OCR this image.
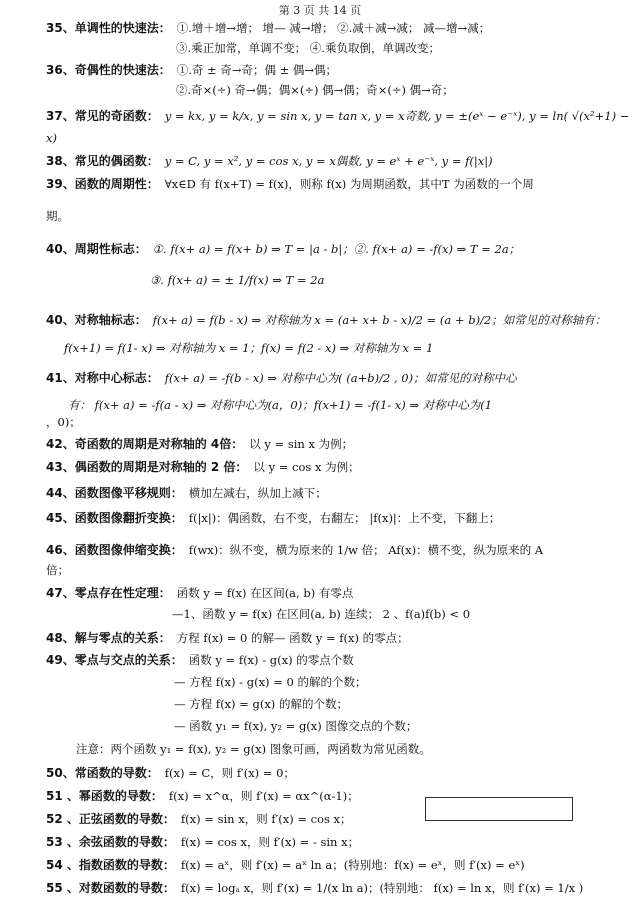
第 3 页 共 14 页
35、单调性的快速法： ①.增＋增→增； 增— 减→增； ②.减＋减→减； 减—增→减；
③.乘正加常，单调不变； ④.乘负取倒，单调改变；
36、奇偶性的快速法： ①.奇 ± 奇→奇；偶 ± 偶→偶；
②.奇×(÷) 奇→偶；偶×(÷) 偶→偶；奇×(÷) 偶→奇；
37、常见的奇函数： y = kx, y = k/x, y = sin x, y = tan x, y = x奇数, y = ±(eˣ − e⁻ˣ), y = ln( √(x²+1) −
x)
38、常见的偶函数： y = C, y = x², y = cos x, y = x偶数, y = eˣ + e⁻ˣ, y = f(|x|)
39、函数的周期性： ∀x∈D 有 f(x+T) = f(x)，则称 f(x) 为周期函数，其中T 为函数的一个周
期。
40、周期性标志： ①. f(x+ a) = f(x+ b) ⇒ T = |a - b|；②. f(x+ a) = -f(x) ⇒ T = 2a；
③. f(x+ a) = ± 1/f(x) ⇒ T = 2a
40、对称轴标志： f(x+ a) = f(b - x) ⇒ 对称轴为 x = (a+ x+ b - x)/2 = (a + b)/2；如常见的对称轴有：
f(x+1) = f(1- x) ⇒ 对称轴为 x = 1；f(x) = f(2 - x) ⇒ 对称轴为 x = 1
41、对称中心标志： f(x+ a) = -f(b - x) ⇒ 对称中心为( (a+b)/2 , 0)；如常见的对称中心
有： f(x+ a) = -f(a - x) ⇒ 对称中心为(a，0)；f(x+1) = -f(1- x) ⇒ 对称中心为(1
，0)；
42、奇函数的周期是对称轴的 4倍： 以 y = sin x 为例；
43、偶函数的周期是对称轴的 2 倍： 以 y = cos x 为例；
44、函数图像平移规则： 横加左减右，纵加上减下；
45、函数图像翻折变换： f(|x|)：偶函数，右不变，右翻左； |f(x)|：上不变，下翻上；
46、函数图像伸缩变换： f(wx)：纵不变，横为原来的 1/w 倍； Af(x)：横不变，纵为原来的 A
倍；
47、零点存在性定理： 函数 y = f(x) 在区间(a, b) 有零点
—1、函数 y = f(x) 在区间(a, b) 连续； 2 、f(a)f(b) < 0
48、解与零点的关系： 方程 f(x) = 0 的解— 函数 y = f(x) 的零点；
49、零点与交点的关系： 函数 y = f(x) - g(x) 的零点个数
— 方程 f(x) - g(x) = 0 的解的个数；
— 方程 f(x) = g(x) 的解的个数；
— 函数 y₁ = f(x), y₂ = g(x) 图像交点的个数；
注意：两个函数 y₁ = f(x), y₂ = g(x) 图象可画，两函数为常见函数。
50、常函数的导数： f(x) = C，则 f′(x) = 0；
51 、幂函数的导数： f(x) = x^α，则 f′(x) = αx^(α-1)；
52 、正弦函数的导数： f(x) = sin x，则 f′(x) = cos x；
53 、余弦函数的导数： f(x) = cos x，则 f′(x) = - sin x；
54 、指数函数的导数： f(x) = aˣ，则 f′(x) = aˣ ln a；(特别地：f(x) = eˣ，则 f′(x) = eˣ)
55 、对数函数的导数： f(x) = logₐ x，则 f′(x) = 1/(x ln a)；(特别地： f(x) = ln x，则 f′(x) = 1/x )
